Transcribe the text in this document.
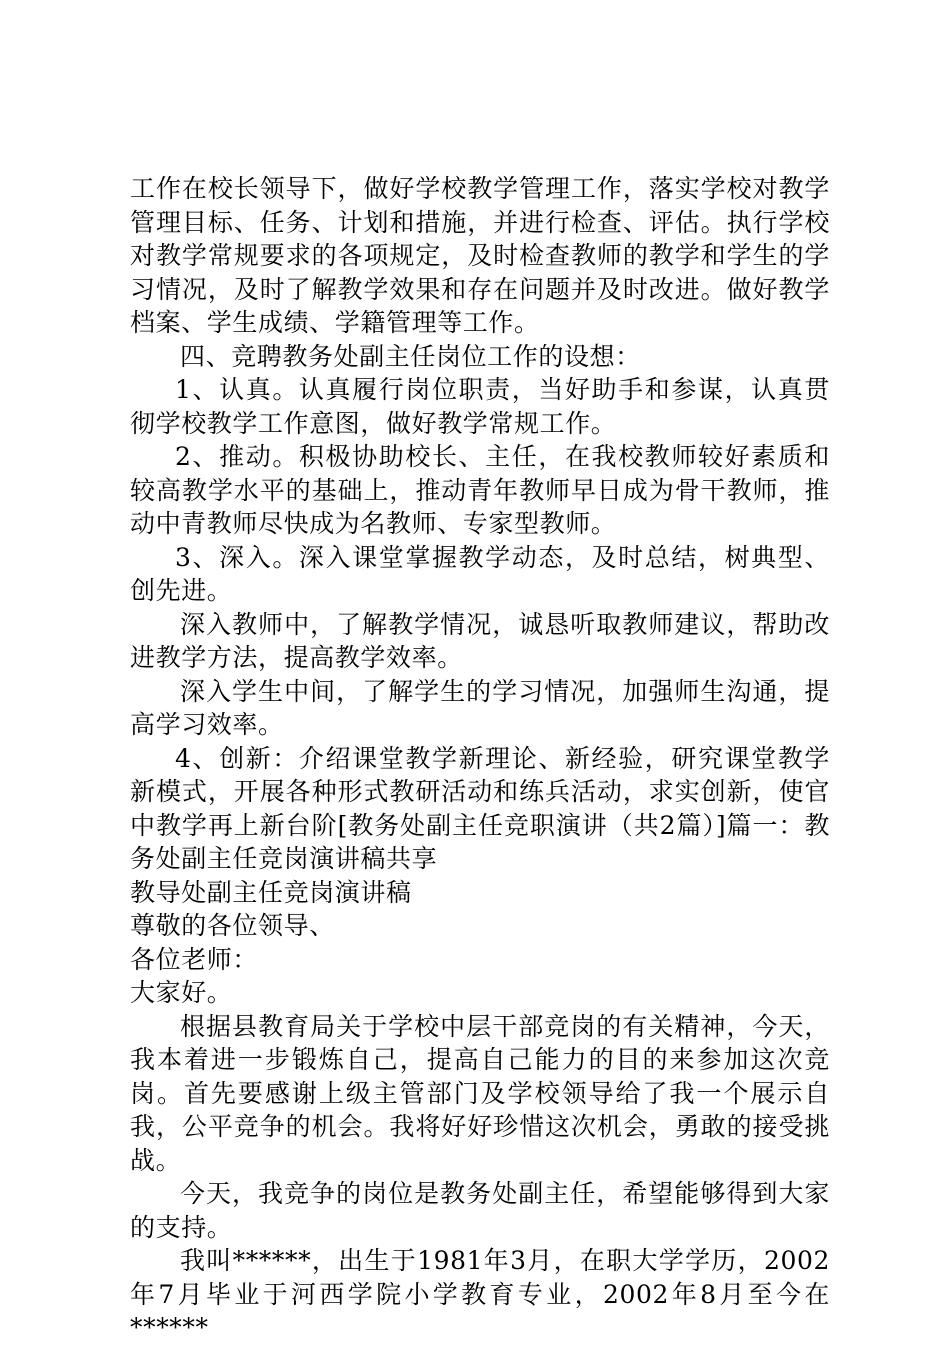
工作在校长领导下，做好学校教学管理工作，落实学校对教学管理目标、任务、计划和措施，并进行检查、评估。执行学校对教学常规要求的各项规定，及时检查教师的教学和学生的学习情况，及时了解教学效果和存在问题并及时改进。做好教学档案、学生成绩、学籍管理等工作。

四、竞聘教务处副主任岗位工作的设想：

1、认真。认真履行岗位职责，当好助手和参谋，认真贯彻学校教学工作意图，做好教学常规工作。

2、推动。积极协助校长、主任，在我校教师较好素质和较高教学水平的基础上，推动青年教师早日成为骨干教师，推动中青教师尽快成为名教师、专家型教师。

3、深入。深入课堂掌握教学动态，及时总结，树典型、创先进。

深入教师中，了解教学情况，诚恳听取教师建议，帮助改进教学方法，提高教学效率。

深入学生中间，了解学生的学习情况，加强师生沟通，提高学习效率。

4、创新：介绍课堂教学新理论、新经验，研究课堂教学新模式，开展各种形式教研活动和练兵活动，求实创新，使官中教学再上新台阶[教务处副主任竞职演讲（共2篇）]篇一：教务处副主任竞岗演讲稿共享

教导处副主任竞岗演讲稿

尊敬的各位领导、

各位老师：

大家好。

根据县教育局关于学校中层干部竞岗的有关精神，今天，我本着进一步锻炼自己，提高自己能力的目的来参加这次竞岗。首先要感谢上级主管部门及学校领导给了我一个展示自我，公平竞争的机会。我将好好珍惜这次机会，勇敢的接受挑战。

今天，我竞争的岗位是教务处副主任，希望能够得到大家的支持。

我叫******，出生于1981年3月，在职大学学历，2002年7月毕业于河西学院小学教育专业，2002年8月至今在******
